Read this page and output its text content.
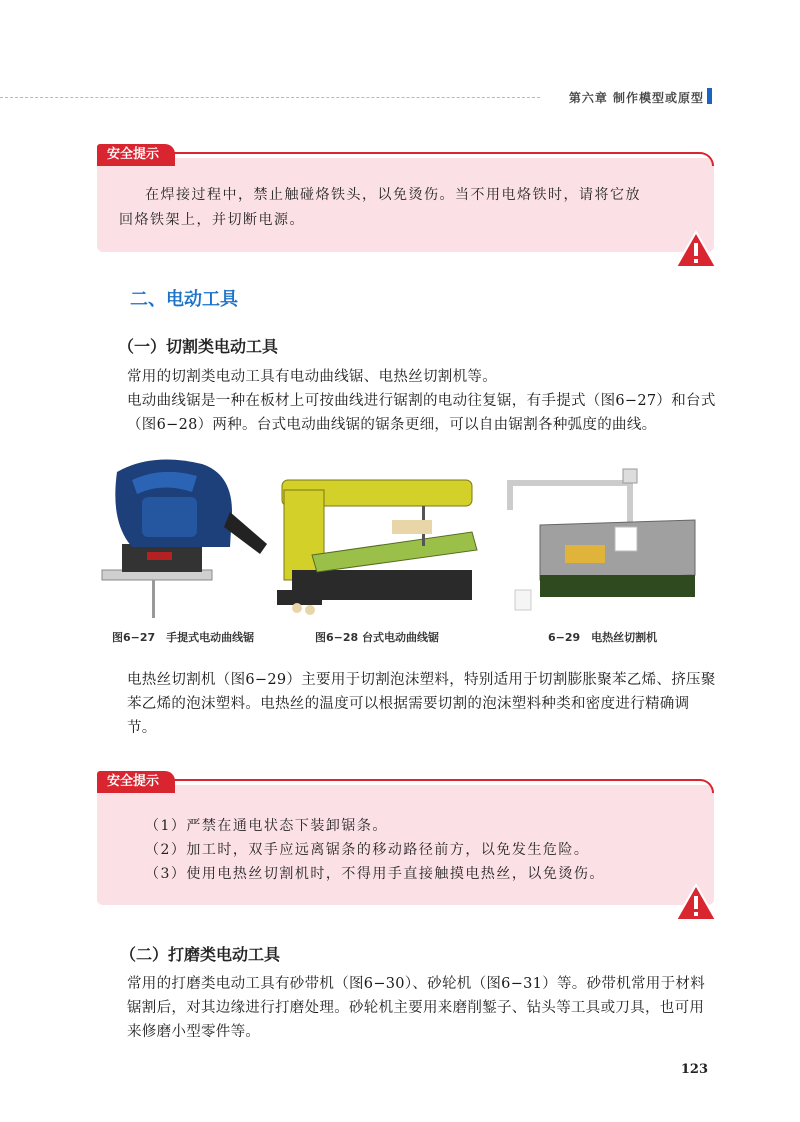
第六章 制作模型或原型
安全提示
在焊接过程中，禁止触碰烙铁头，以免烫伤。当不用电烙铁时，请将它放
回烙铁架上，并切断电源。
二、电动工具
（一）切割类电动工具
常用的切割类电动工具有电动曲线锯、电热丝切割机等。
电动曲线锯是一种在板材上可按曲线进行锯割的电动往复锯，有手提式（图6−27）和台式（图6−28）两种。台式电动曲线锯的锯条更细，可以自由锯割各种弧度的曲线。
图6−27　手提式电动曲线锯	图6−28 台式电动曲线锯	6−29　电热丝切割机
电热丝切割机（图6−29）主要用于切割泡沫塑料，特别适用于切割膨胀聚苯乙烯、挤压聚苯乙烯的泡沫塑料。电热丝的温度可以根据需要切割的泡沫塑料种类和密度进行精确调节。
安全提示
（1）严禁在通电状态下装卸锯条。
（2）加工时，双手应远离锯条的移动路径前方，以免发生危险。
（3）使用电热丝切割机时，不得用手直接触摸电热丝，以免烫伤。
（二）打磨类电动工具
常用的打磨类电动工具有砂带机（图6−30）、砂轮机（图6−31）等。砂带机常用于材料锯割后，对其边缘进行打磨处理。砂轮机主要用来磨削錾子、钻头等工具或刀具，也可用来修磨小型零件等。
123
